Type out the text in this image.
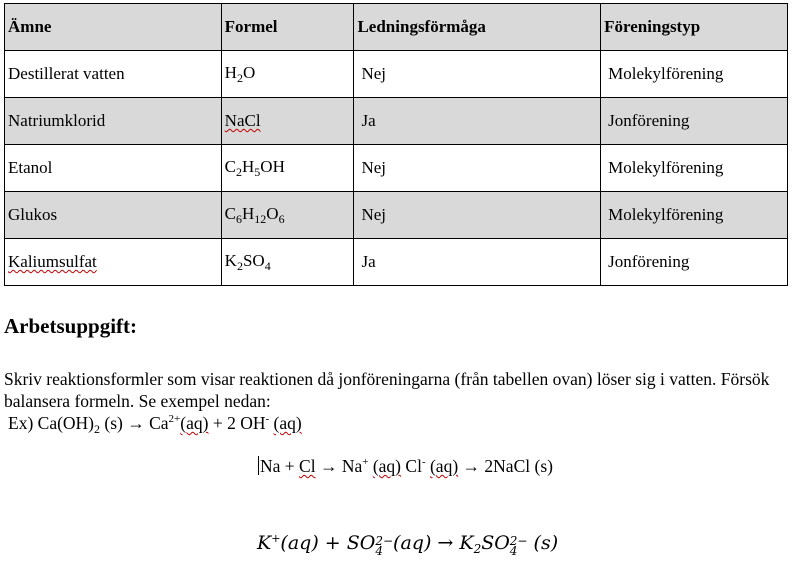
Ämne	Formel	Ledningsförmåga	Föreningstyp
Destillerat vatten	$H_2O$	Nej	Molekylförening
Natriumklorid	NaCl	Ja	Jonförening
Etanol	$C_2H_5OH$	Nej	Molekylförening
Glukos	$C_6H_{12}O_6$	Nej	Molekylförening
Kaliumsulfat	$K_2SO_4$	Ja	Jonförening
Arbetsuppgift:
Skriv reaktionsformler som visar reaktionen då jonföreningarna (från tabellen ovan) löser sig i vatten. Försök balansera formeln. Se exempel nedan:
Ex) $Ca(OH)_2$ $(s) \to Ca^{2+}(aq) + 2$ OH- (aq)
Na + Cl → Na+ (aq) Cl- (aq) → 2NaCl (s)
K+(aq) + SO 2−
4 $(aq) \to K_2SO$ 2−
4 (s)
